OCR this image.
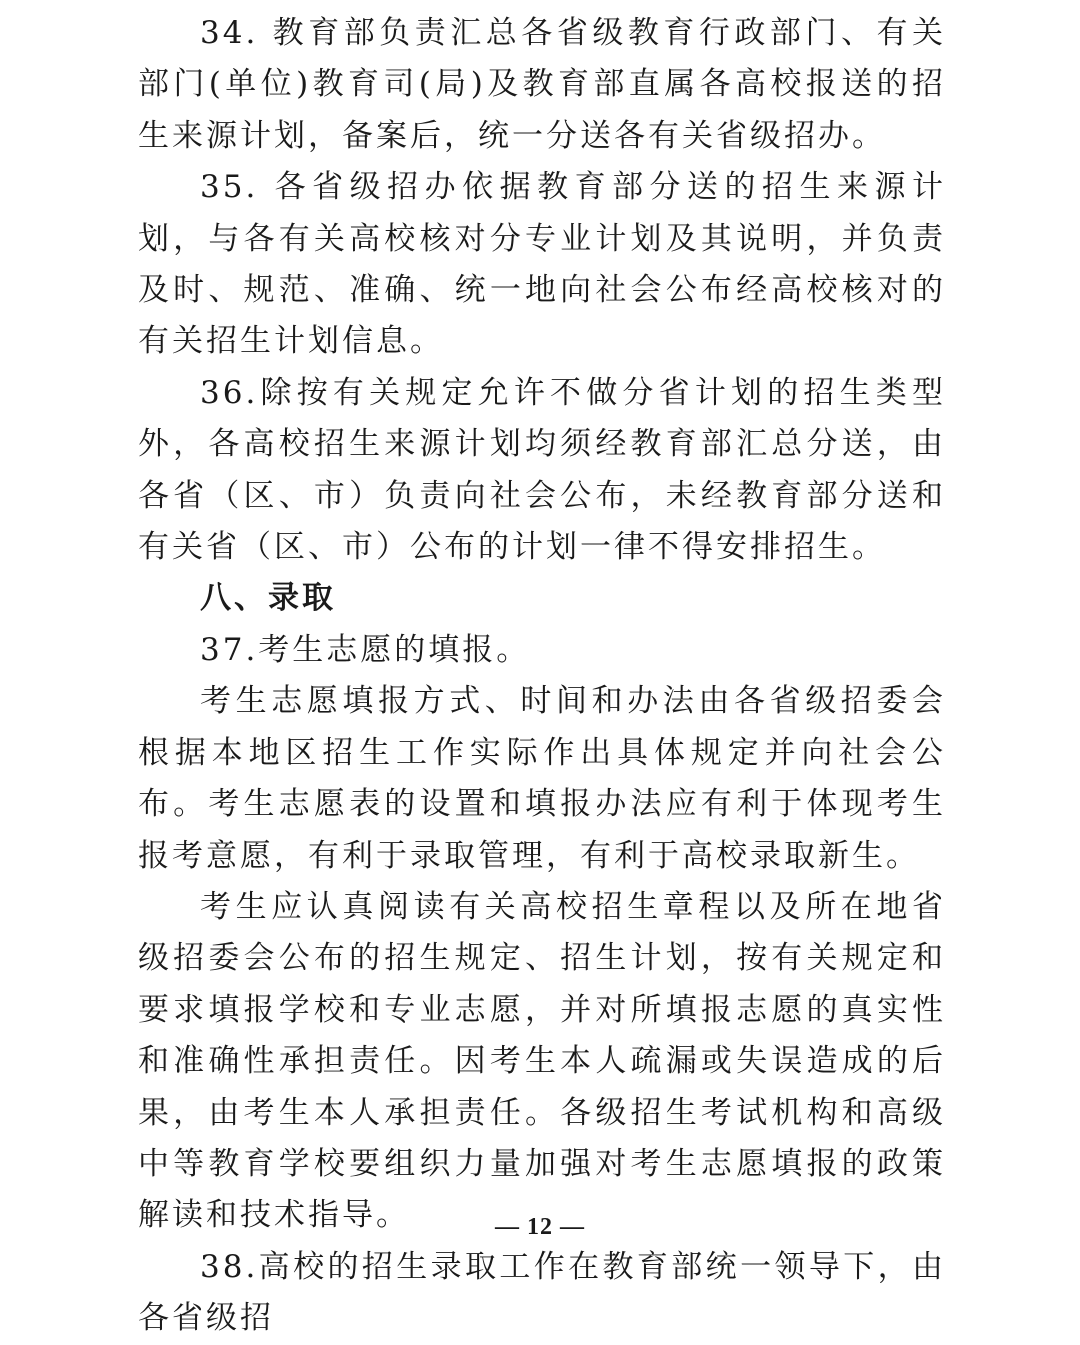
34. 教育部负责汇总各省级教育行政部门、有关部门(单位)教育司(局)及教育部直属各高校报送的招生来源计划，备案后，统一分送各有关省级招办。

35. 各省级招办依据教育部分送的招生来源计划，与各有关高校核对分专业计划及其说明，并负责及时、规范、准确、统一地向社会公布经高校核对的有关招生计划信息。

36.除按有关规定允许不做分省计划的招生类型外，各高校招生来源计划均须经教育部汇总分送，由各省（区、市）负责向社会公布，未经教育部分送和有关省（区、市）公布的计划一律不得安排招生。

八、录取

37.考生志愿的填报。

考生志愿填报方式、时间和办法由各省级招委会根据本地区招生工作实际作出具体规定并向社会公布。考生志愿表的设置和填报办法应有利于体现考生报考意愿，有利于录取管理，有利于高校录取新生。

考生应认真阅读有关高校招生章程以及所在地省级招委会公布的招生规定、招生计划，按有关规定和要求填报学校和专业志愿，并对所填报志愿的真实性和准确性承担责任。因考生本人疏漏或失误造成的后果，由考生本人承担责任。各级招生考试机构和高级中等教育学校要组织力量加强对考生志愿填报的政策解读和技术指导。

38.高校的招生录取工作在教育部统一领导下，由各省级招

— 12 —
